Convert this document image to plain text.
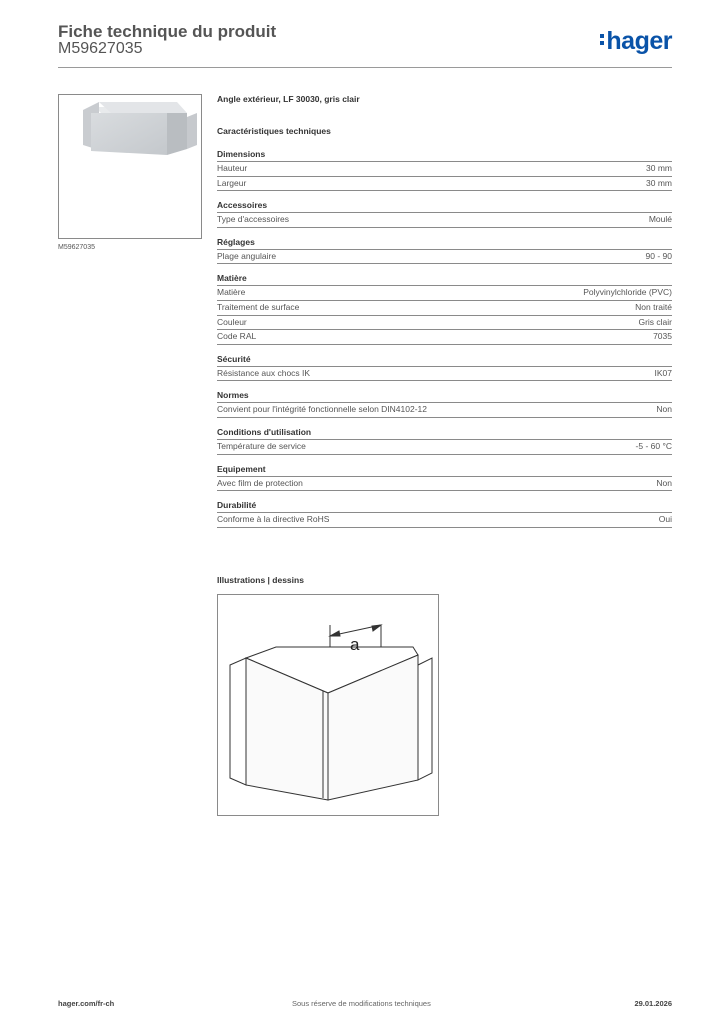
Fiche technique du produit
M59627035	hager
M59627035
Angle extérieur, LF 30030, gris clair
Caractéristiques techniques
Dimensions
Hauteur	30 mm
Largeur	30 mm
Accessoires
Type d'accessoires	Moulé
Réglages
Plage angulaire	90 - 90
Matière
Matière	Polyvinylchloride (PVC)
Traitement de surface	Non traité
Couleur	Gris clair
Code RAL	7035
Sécurité
Résistance aux chocs IK	IK07
Normes
Convient pour l'intégrité fonctionnelle selon DIN4102-12	Non
Conditions d'utilisation
Température de service	-5 - 60 °C
Equipement
Avec film de protection	Non
Durabilité
Conforme à la directive RoHS	Oui
Illustrations | dessins
a
hager.com/fr-ch	Sous réserve de modifications techniques	29.01.2026
